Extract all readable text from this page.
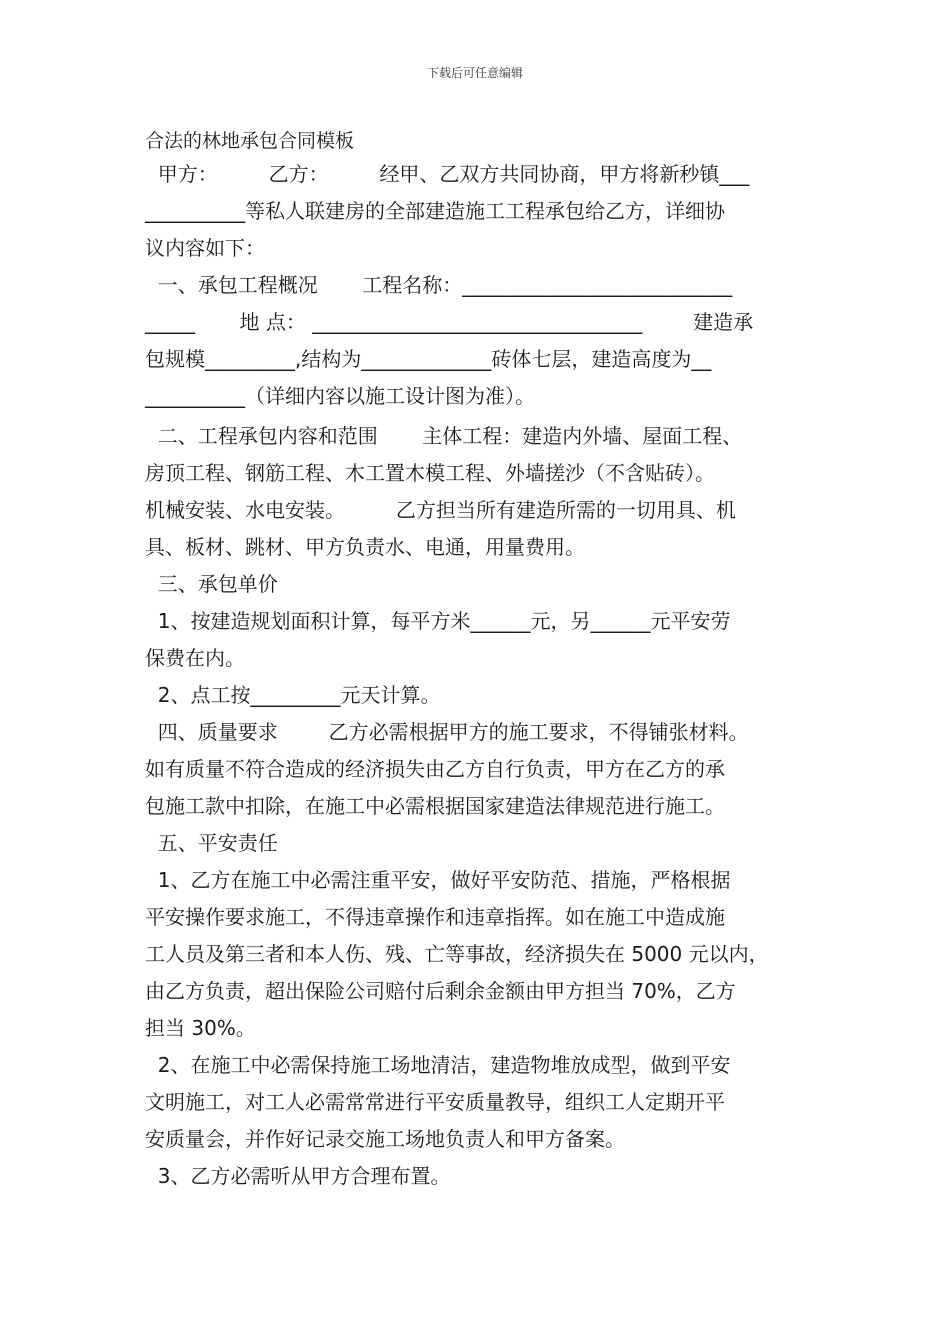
下载后可任意编辑
合法的林地承包合同模板
甲方：        乙方：        经甲、乙双方共同协商，甲方将新秒镇___
__________等私人联建房的全部建造施工工程承包给乙方，详细协
议内容如下：
一、承包工程概况       工程名称：___________________________
_____       地 点： _________________________________        建造承
包规模_________,结构为_____________砖体七层，建造高度为__
__________（详细内容以施工设计图为准）。
二、工程承包内容和范围       主体工程：建造内外墙、屋面工程、
房顶工程、钢筋工程、木工置木模工程、外墙搓沙（不含贴砖）。
机械安装、水电安装。        乙方担当所有建造所需的一切用具、机
具、板材、跳材、甲方负责水、电通，用量费用。
三、承包单价
1、按建造规划面积计算，每平方米______元，另______元平安劳
保费在内。
2、点工按_________元天计算。
四、质量要求        乙方必需根据甲方的施工要求，不得铺张材料。
如有质量不符合造成的经济损失由乙方自行负责，甲方在乙方的承
包施工款中扣除，在施工中必需根据国家建造法律规范进行施工。
五、平安责任
1、乙方在施工中必需注重平安，做好平安防范、措施，严格根据
平安操作要求施工，不得违章操作和违章指挥。如在施工中造成施
工人员及第三者和本人伤、残、亡等事故，经济损失在 5000 元以内，
由乙方负责，超出保险公司赔付后剩余金额由甲方担当 70%，乙方
担当 30%。
2、在施工中必需保持施工场地清洁，建造物堆放成型，做到平安
文明施工，对工人必需常常进行平安质量教导，组织工人定期开平
安质量会，并作好记录交施工场地负责人和甲方备案。
3、乙方必需听从甲方合理布置。
